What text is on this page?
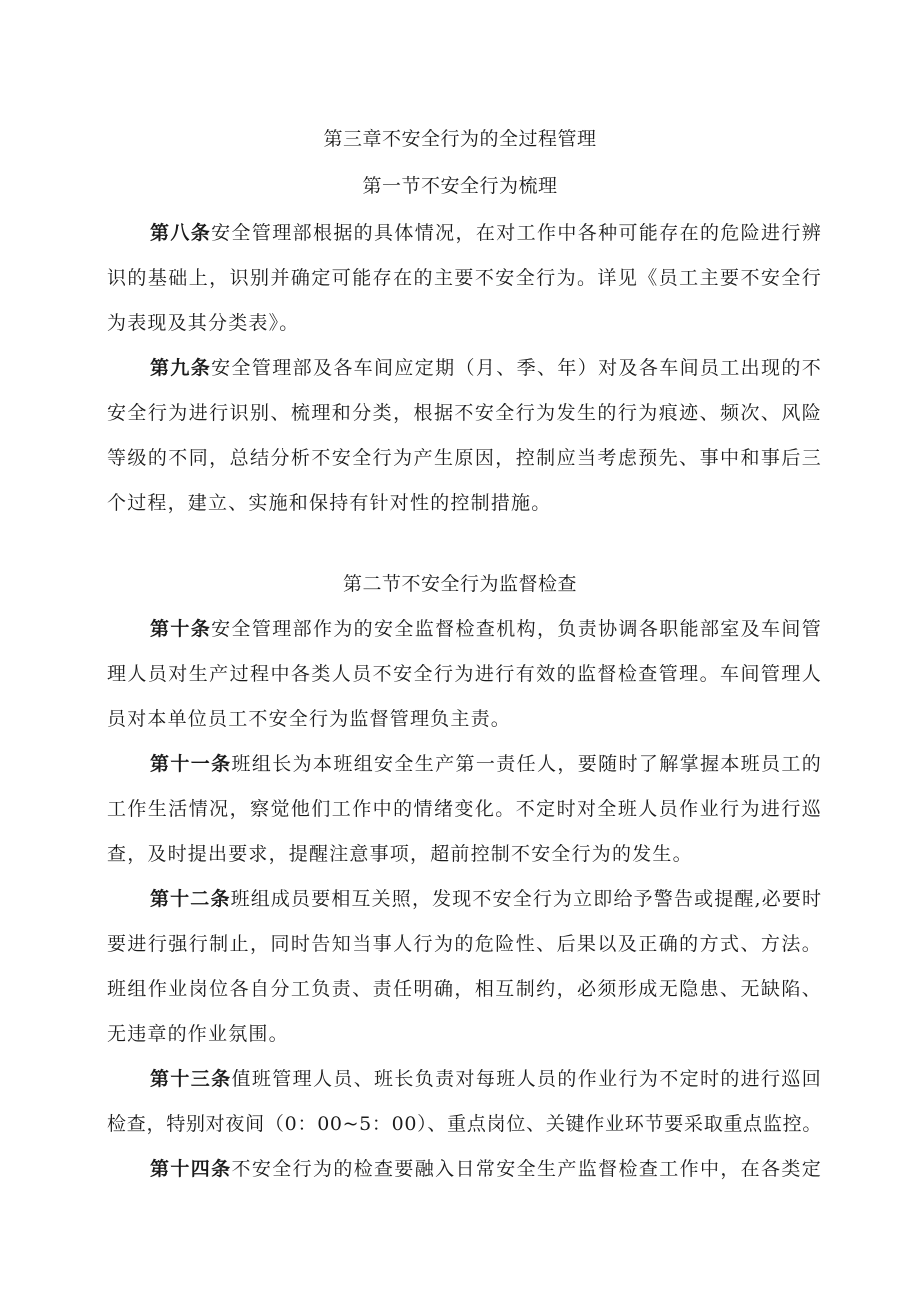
第三章不安全行为的全过程管理
第一节不安全行为梳理
第八条安全管理部根据的具体情况，在对工作中各种可能存在的危险进行辨
识的基础上，识别并确定可能存在的主要不安全行为。详见《员工主要不安全行
为表现及其分类表》。
第九条安全管理部及各车间应定期（月、季、年）对及各车间员工出现的不
安全行为进行识别、梳理和分类，根据不安全行为发生的行为痕迹、频次、风险
等级的不同，总结分析不安全行为产生原因，控制应当考虑预先、事中和事后三
个过程，建立、实施和保持有针对性的控制措施。
第二节不安全行为监督检查
第十条安全管理部作为的安全监督检查机构，负责协调各职能部室及车间管
理人员对生产过程中各类人员不安全行为进行有效的监督检查管理。车间管理人
员对本单位员工不安全行为监督管理负主责。
第十一条班组长为本班组安全生产第一责任人，要随时了解掌握本班员工的
工作生活情况，察觉他们工作中的情绪变化。不定时对全班人员作业行为进行巡
查，及时提出要求，提醒注意事项，超前控制不安全行为的发生。
第十二条班组成员要相互关照，发现不安全行为立即给予警告或提醒,必要时
要进行强行制止，同时告知当事人行为的危险性、后果以及正确的方式、方法。
班组作业岗位各自分工负责、责任明确，相互制约，必须形成无隐患、无缺陷、
无违章的作业氛围。
第十三条值班管理人员、班长负责对每班人员的作业行为不定时的进行巡回
检查，特别对夜间（0：00~5：00）、重点岗位、关键作业环节要采取重点监控。
第十四条不安全行为的检查要融入日常安全生产监督检查工作中，在各类定
